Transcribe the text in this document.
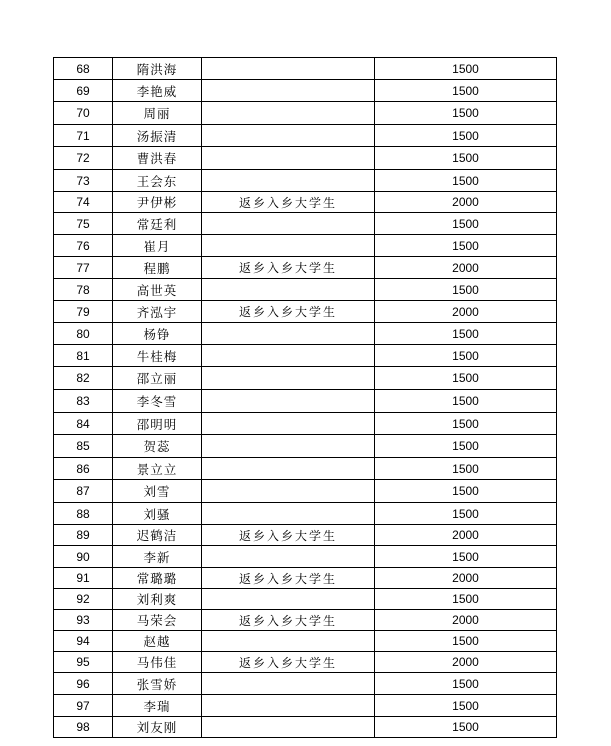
68	隋洪海		1500
69	李艳威		1500
70	周丽		1500
71	汤振清		1500
72	曹洪春		1500
73	王会东		1500
74	尹伊彬	返乡入乡大学生	2000
75	常廷利		1500
76	崔月		1500
77	程鹏	返乡入乡大学生	2000
78	高世英		1500
79	齐泓宇	返乡入乡大学生	2000
80	杨铮		1500
81	牛桂梅		1500
82	邵立丽		1500
83	李冬雪		1500
84	邵明明		1500
85	贺蕊		1500
86	景立立		1500
87	刘雪		1500
88	刘骚		1500
89	迟鹤洁	返乡入乡大学生	2000
90	李新		1500
91	常璐璐	返乡入乡大学生	2000
92	刘利爽		1500
93	马荣会	返乡入乡大学生	2000
94	赵越		1500
95	马伟佳	返乡入乡大学生	2000
96	张雪娇		1500
97	李瑞		1500
98	刘友刚		1500
